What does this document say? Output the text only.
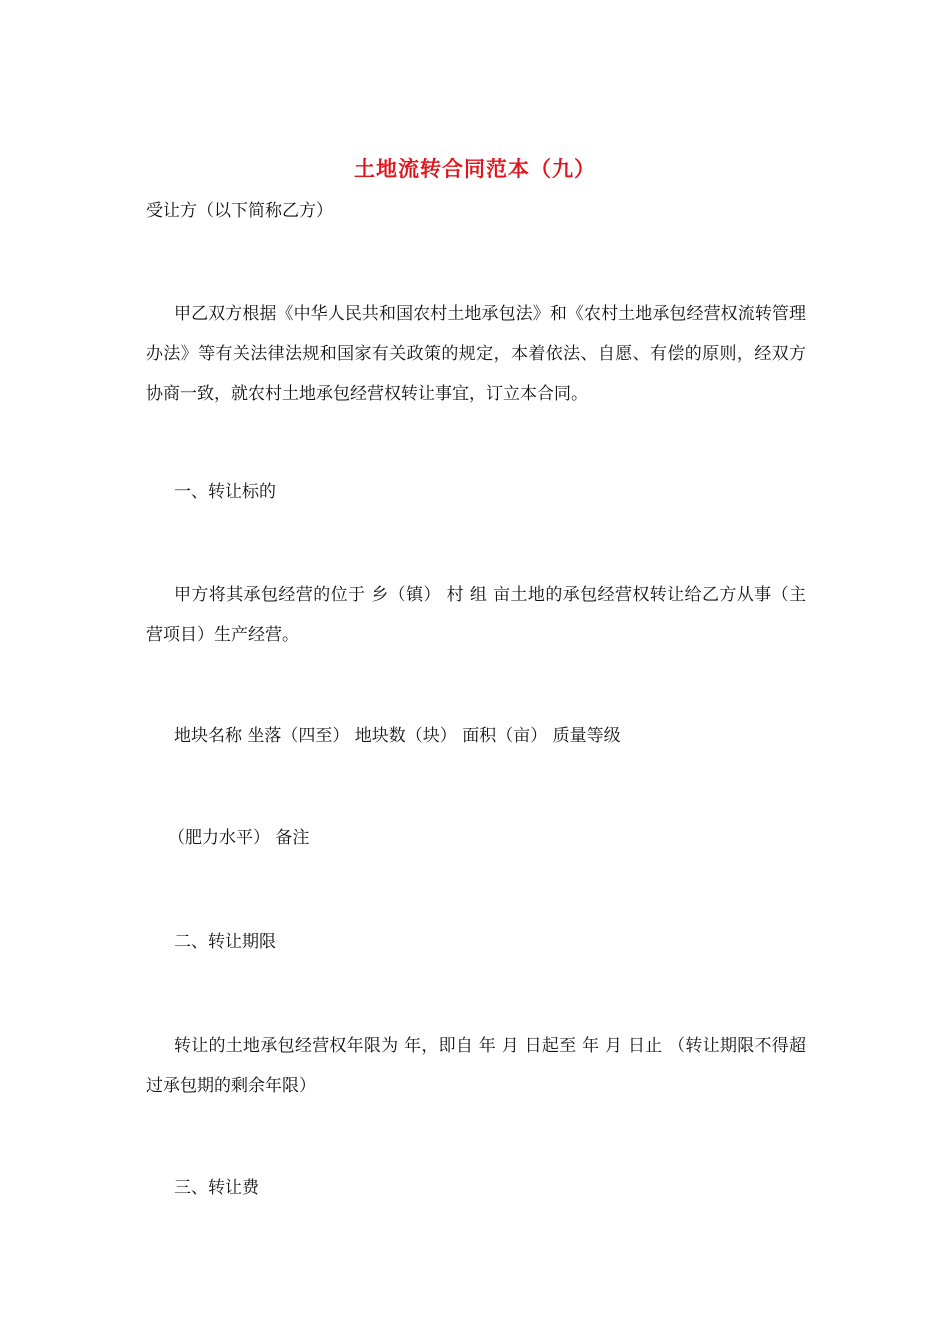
土地流转合同范本（九）
受让方（以下简称乙方）
甲乙双方根据《中华人民共和国农村土地承包法》和《农村土地承包经营权流转管理办法》等有关法律法规和国家有关政策的规定，本着依法、自愿、有偿的原则，经双方协商一致，就农村土地承包经营权转让事宜，订立本合同。
一、转让标的
甲方将其承包经营的位于 乡（镇） 村 组 亩土地的承包经营权转让给乙方从事（主营项目）生产经营。
地块名称 坐落（四至） 地块数（块） 面积（亩） 质量等级
（肥力水平） 备注
二、转让期限
转让的土地承包经营权年限为 年，即自 年 月 日起至 年 月 日止 （转让期限不得超过承包期的剩余年限）
三、转让费
